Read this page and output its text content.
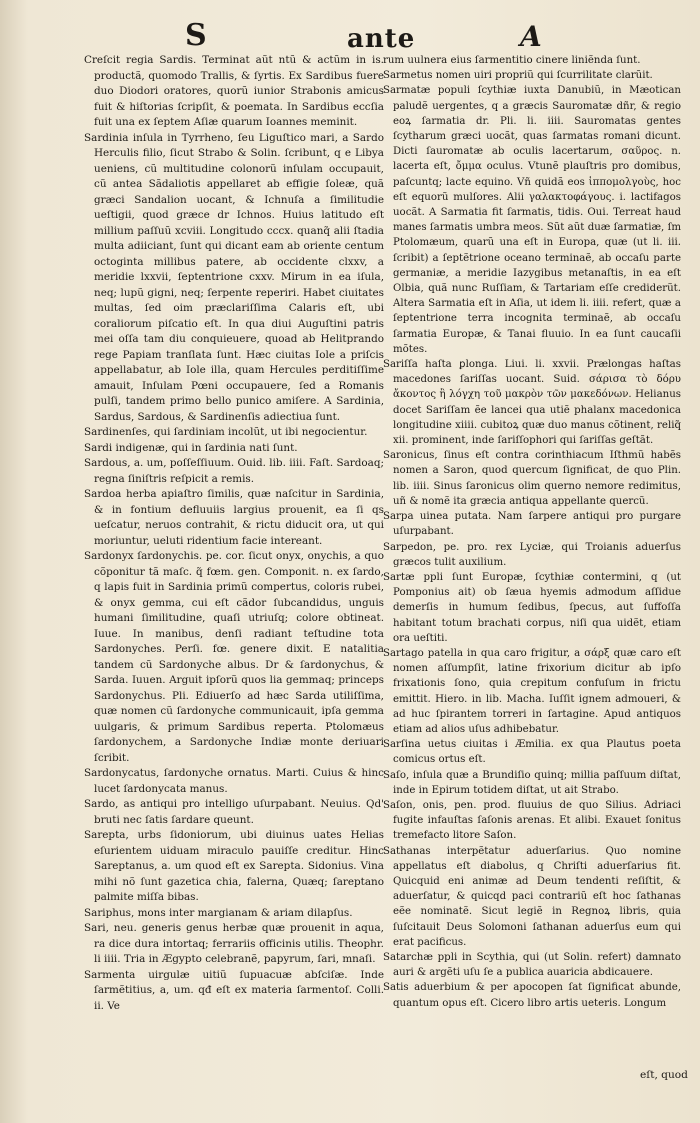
S	ante	A

Creſcit regia Sardis. Terminat aũt ntũ & actũm in is. productã, quomodo Trallis, & ſyrtis. Ex Sardibus fuere duo Diodori oratores, quorũ iunior Strabonis amicus fuit & hiſtorias ſcripſit, & poemata. In Sardibus eccſia fuit una ex ſeptem Aſiæ quarum Ioannes meminit.

Sardinia inſula in Tyrrheno, ſeu Liguſtico mari, a Sardo Herculis filio, ſicut Strabo & Solin. ſcribunt, q e Libya ueniens, cũ multitudine colonorũ inſulam occupauit, cũ antea Sãdaliotis appellaret ab effigie ſoleæ, quã græci Sandalion uocant, & Ichnuſa a ſimilitudie ueſtigii, quod græce dr Ichnos. Huius latitudo eſt millium paſſuũ xcviii. Longitudo cccx. quanq̃ alii ſtadia multa adiiciant, ſunt qui dicant eam ab oriente centum octoginta millibus patere, ab occidente clxxv, a meridie lxxvii, ſeptentrione cxxv. Mirum in ea iſula, neq; lupũ gigni, neq; ſerpente reperiri. Habet ciuitates multas, ſed oim præclariſſima Calaris eſt, ubi coraliorum piſcatio eſt. In qua diui Auguſtini patris mei oſſa tam diu conquieuere, quoad ab Helitprando rege Papiam tranſlata ſunt. Hæc ciuitas Iole a priſcis appellabatur, ab Iole illa, quam Hercules perditiſſime amauit, Inſulam Pœni occupauere, ſed a Romanis pulſi, tandem primo bello punico amiſere. A Sardinia, Sardus, Sardous, & Sardinenſis adiectiua ſunt.

Sardinenſes, qui ſardiniam incolũt, ut ibi negocientur.

Sardi indigenæ, qui in ſardinia nati ſunt.

Sardous, a. um, poſſeſſiuum. Ouid. lib. iiii. Faſt. Sardoaq; regna ſiniſtris reſpicit a remis.

Sardoa herba apiaſtro ſimilis, quæ naſcitur in Sardinia, & in fontium defluuiis largius prouenit, ea ſi qs ueſcatur, neruos contrahit, & rictu diducit ora, ut qui moriuntur, ueluti ridentium facie intereant.

Sardonyx ſardonychis. pe. cor. ſicut onyx, onychis, a quo cõponitur tã maſc. q̃ fœm. gen. Componit. n. ex ſardo, q lapis fuit in Sardinia primũ compertus, coloris rubei, & onyx gemma, cui eſt cãdor ſubcandidus, unguis humani ſimilitudine, quaſi utriuſq; colore obtineat. Iuue. In manibus, denſi radiant teſtudine tota Sardonyches. Perſi. fœ. genere dixit. E natalitia tandem cũ Sardonyche albus. Dr & ſardonychus, & Sarda. Iuuen. Arguit ipſorũ quos lia gemmaq; princeps Sardonychus. Pli. Ediuerſo ad hæc Sarda utiliſſima, quæ nomen cũ ſardonyche communicauit, ipſa gemma uulgaris, & primum Sardibus reperta. Ptolomæus ſardonychem, a Sardonyche Indiæ monte deriuari ſcribit.

Sardonycatus, ſardonyche ornatus. Marti. Cuius & hinc lucet ſardonycata manus.

Sardo, as antiqui pro intelligo uſurpabant. Neuius. Qd' bruti nec ſatis ſardare queunt.

Sarepta, urbs ſidoniorum, ubi diuinus uates Helias eſurientem uiduam miraculo pauiſſe creditur. Hinc Sareptanus, a. um quod eſt ex Sarepta. Sidonius. Vina mihi nõ ſunt gazetica chia, falerna, Quæq; ſareptano palmite miſſa bibas.

Sariphus, mons inter margianam & ariam dilapſus.

Sari, neu. generis genus herbæ quæ prouenit in aqua, ra dice dura intortaq; ferrariis officinis utilis. Theophr. li iiii. Tria in Ægypto celebranẽ, papyrum, ſari, mnaſi.

Sarmenta uirgulæ uitiũ ſupuacuæ abſciſæ. Inde ſarmẽtitius, a, um. qđ eſt ex materia ſarmentoſ. Colli. ii. Ve

rum uulnera eius ſarmentitio cinere liniẽnda ſunt.

Sarmetus nomen uiri propriũ qui ſcurrilitate clarũit.

Sarmatæ populi ſcythiæ iuxta Danubiũ, in Mæotican paludẽ uergentes, q a græcis Sauromatæ dñr, & regio eoꝝ ſarmatia dr. Pli. li. iiii. Sauromatas gentes ſcytharum græci uocãt, quas ſarmatas romani dicunt. Dicti ſauromatæ ab oculis lacertarum, σαῦρος. n. lacerta eſt, ὄμμα oculus. Vtunẽ plauſtris pro domibus, paſcuntq; lacte equino. Vñ quidã eos ἱππομολγοὺς, hoc eſt equorũ mulſores. Alii γαλακτοφάγους. i. lactifagos uocãt. A Sarmatia fit ſarmatis, tidis. Oui. Terreat haud manes ſarmatis umbra meos. Sũt aũt duæ ſarmatiæ, ſm Ptolomæum, quarũ una eſt in Europa, quæ (ut li. iii. ſcribit) a ſeptẽtrione oceano terminaẽ, ab occaſu parte germaniæ, a meridie Iazygibus metanaſtis, in ea eſt Olbia, quã nunc Ruſſiam, & Tartariam eſſe crediderũt. Altera Sarmatia eſt in Aſia, ut idem li. iiii. refert, quæ a ſeptentrione terra incognita terminaẽ, ab occaſu ſarmatia Europæ, & Tanai fluuio. In ea ſunt caucaſii mõtes.

Sariſſa haſta ꝑlonga. Liui. li. xxvii. Prælongas haſtas macedones ſariſſas uocant. Suid. σάρισα τὸ δόρυ ἄκοντος ἢ λόγχη τοῦ μακρὸν τῶν μακεδόνων. Helianus docet Sariſſam ẽe lancei qua utiẽ phalanx macedonica longitudine xiiii. cubitoꝝ quæ duo manus cõtinent, reliq̃ xii. prominent, inde ſariſſophori qui ſariſſas geſtãt.

Saronicus, ſinus eſt contra corinthiacum Iſthmũ habẽs nomen a Saron, quod quercum ſignificat, de quo Plin. lib. iiii. Sinus ſaronicus olim querno nemore redimitus, uñ & nomẽ ita græcia antiqua appellante quercũ.

Sarpa uinea putata. Nam ſarpere antiqui pro purgare uſurpabant.

Sarpedon, pe. pro. rex Lyciæ, qui Troianis aduerſus græcos tulit auxilium.

Sartæ ppli ſunt Europæ, ſcythiæ contermini, q (ut Pomponius ait) ob ſæua hyemis admodum aſſidue demerſis in humum ſedibus, ſpecus, aut ſuffoſſa habitant totum brachati corpus, niſi qua uidẽt, etiam ora ueſtiti.

Sartago patella in qua caro frigitur, a σάρξ quæ caro eſt nomen aſſumpſit, latine frixorium dicitur ab ipſo frixationis ſono, quia crepitum confuſum in frictu emittit. Hiero. in lib. Macha. Iuſſit ignem admoueri, & ad huc ſpirantem torreri in ſartagine. Apud antiquos etiam ad alios uſus adhibebatur.

Sarſina uetus ciuitas i Æmilia. ex qua Plautus poeta comicus ortus eſt.

Saſo, inſula quæ a Brundiſio quinq; millia paſſuum diſtat, inde in Epirum totidem diſtat, ut ait Strabo.

Saſon, onis, pen. prod. fluuius de quo Silius. Adriaci fugite infauſtas ſaſonis arenas. Et alibi. Exauet ſonitus tremefacto litore Saſon.

Sathanas interpẽtatur aduerſarius. Quo nomine appellatus eſt diabolus, q Chriſti aduerſarius fit. Quicquid eni animæ ad Deum tendenti reſiſtit, & aduerſatur, & quicqd paci contrariũ eſt hoc ſathanas eẽe nominatẽ. Sicut legiẽ in Regnoꝝ libris, quia ſuſcitauit Deus Solomoni ſathanan aduerſus eum qui erat pacificus.

Satarchæ ppli in Scythia, qui (ut Solin. refert) damnato auri & argẽti uſu ſe a publica auaricia abdicauere.

Satis aduerbium & per apocopen ſat ſignificat abunde, quantum opus eſt. Cicero libro artis ueteris. Longum

eſt, quod
